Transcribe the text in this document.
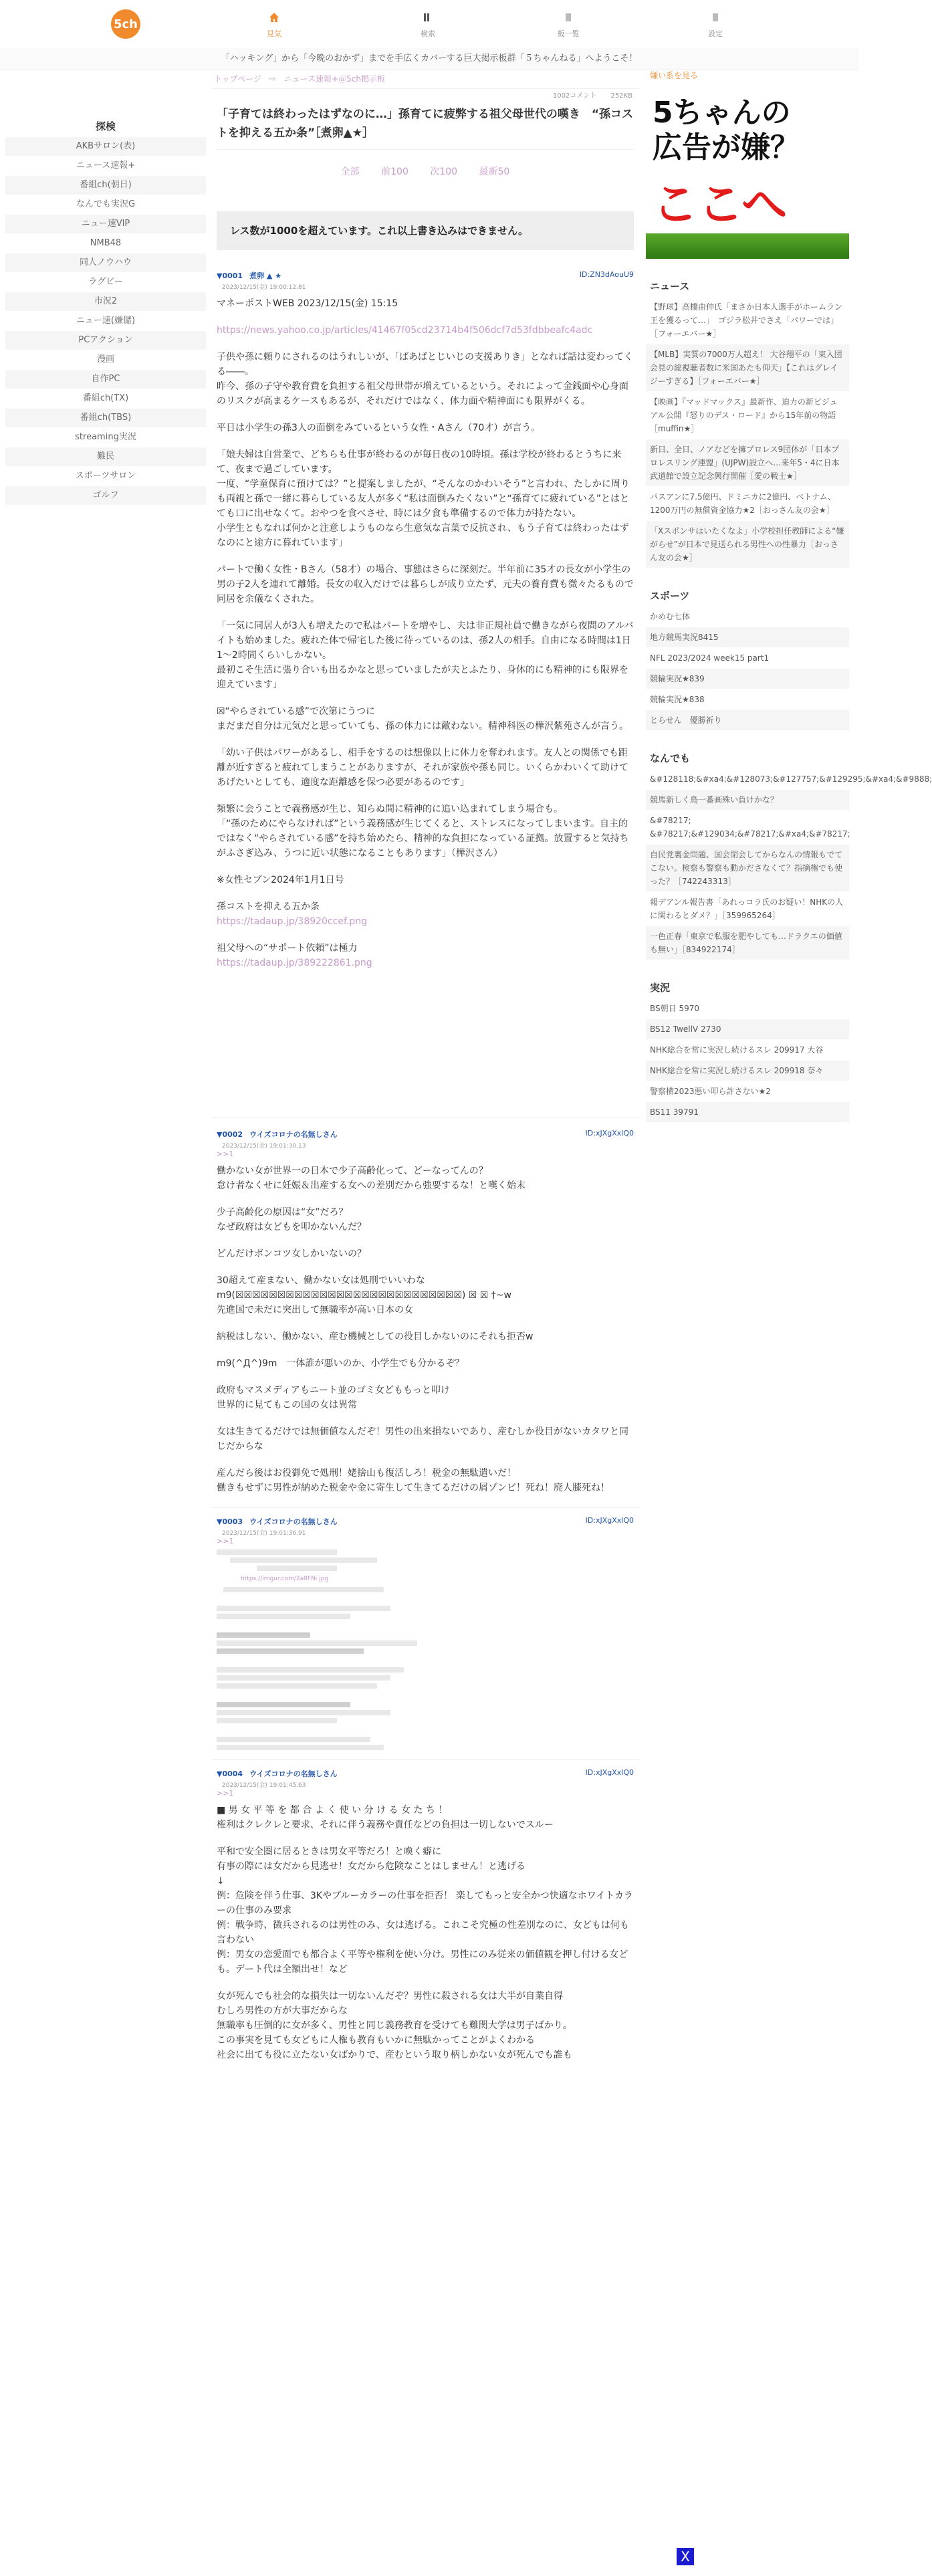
5ch
見気	検索	板一覧	設定
「ハッキング」から「今晩のおかず」までを手広くカバーする巨大掲示板群「５ちゃんねる」へようこそ！
探検
AKBサロン(表)
ニュース速報+
番組ch(朝日)
なんでも実況G
ニュー速VIP
NMB48
同人ノウハウ
ラグビー
市況2
ニュー速(嫌儲)
PCアクション
漫画
自作PC
番組ch(TX)
番組ch(TBS)
streaming実況
難民
スポーツサロン
ゴルフ
トップページ ⇨ ニュース速報+＠5ch掲示板
1002コメント 252KB
「子育ては終わったはずなのに…」孫育てに疲弊する祖父母世代の嘆き　“孫コストを抑える五か条”［煮卵▲★］
全部 前100 次100 最新50
レス数が1000を超えています。これ以上書き込みはできません。
▼0001 煮卵 ▲ ★	ID:ZN3dAouU9
2023/12/15(金) 19:00:12.81

マネーポストWEB 2023/12/15(金) 15:15

https://news.yahoo.co.jp/articles/41467f05cd23714b4f506dcf7d53fdbbeafc4adc

子供や孫に頼りにされるのはうれしいが、「ばあばとじいじの支援ありき」となれば話は変わってくる――。
昨今、孫の子守や教育費を負担する祖父母世帯が増えているという。それによって金銭面や心身面のリスクが高まるケースもあるが、それだけではなく、体力面や精神面にも限界がくる。

平日は小学生の孫3人の面倒をみているという女性・Aさん（70才）が言う。

「娘夫婦は自営業で、どちらも仕事が終わるのが毎日夜の10時頃。孫は学校が終わるとうちに来て、夜まで過ごしています。
一度、“学童保育に預けては？”と提案しましたが、“そんなのかわいそう”と言われ、たしかに周りも両親と孫で一緒に暮らしている友人が多く“私は面倒みたくない”と“孫育てに疲れている”とはとても口に出せなくて。おやつを食べさせ、時には夕食も準備するので体力が持たない。
小学生ともなれば何かと注意しようものなら生意気な言葉で反抗され、もう子育ては終わったはずなのにと途方に暮れています」

パートで働く女性・Bさん（58才）の場合、事態はさらに深刻だ。半年前に35才の長女が小学生の男の子2人を連れて離婚。長女の収入だけでは暮らしが成り立たず、元夫の養育費も微々たるもので同居を余儀なくされた。

「一気に同居人が3人も増えたので私はパートを増やし、夫は非正規社員で働きながら夜間のアルバイトも始めました。疲れた体で帰宅した後に待っているのは、孫2人の相手。自由になる時間は1日1～2時間くらいしかない。
最初こそ生活に張り合いも出るかなと思っていましたが夫とふたり、身体的にも精神的にも限界を迎えています」

☒“やらされている感”で次第にうつに
まだまだ自分は元気だと思っていても、孫の体力には敵わない。精神科医の樺沢紫苑さんが言う。

「幼い子供はパワーがあるし、相手をするのは想像以上に体力を奪われます。友人との関係でも距離が近すぎると疲れてしまうことがありますが、それが家族や孫も同じ。いくらかわいくて助けてあげたいとしても、適度な距離感を保つ必要があるのです」

頻繁に会うことで義務感が生じ、知らぬ間に精神的に追い込まれてしまう場合も。
「“孫のためにやらなければ”という義務感が生じてくると、ストレスになってしまいます。自主的ではなく“やらされている感”を持ち始めたら、精神的な負担になっている証拠。放置すると気持ちがふさぎ込み、うつに近い状態になることもあります」（樺沢さん）

※女性セブン2024年1月1日号

孫コストを抑える五か条
https://tadaup.jp/38920ccef.png

祖父母への“サポート依頼”は極力
https://tadaup.jp/389222861.png

▼0002 ウイズコロナの名無しさん	ID:xJXgXxlQ0
2023/12/15(金) 19:01:30.13
>>1

働かない女が世界一の日本で少子高齢化って、どーなってんの？
怠け者なくせに妊娠＆出産する女への差別だから強要するな！と嘆く始末

少子高齢化の原因は“女”だろ？
なぜ政府は女どもを叩かないんだ？

どんだけボンコツ女しかいないの？

30超えて産まない、働かない女は処刑でいいわな
m9(☒☒☒☒☒☒☒☒☒☒☒☒☒☒☒☒☒☒☒☒☒☒☒☒☒☒☒) ☒ ☒ †~w
先進国で未だに突出して無職率が高い日本の女

納税はしない、働かない、産む機械としての役目しかないのにそれも拒否w

m9(^Д^)9m　一体誰が悪いのか、小学生でも分かるぞ？

政府もマスメディアもニート並のゴミ女どももっと叩け
世界的に見てもこの国の女は異常

女は生きてるだけでは無価値なんだぞ！男性の出来損ないであり、産むしか役目がないカタワと同じだからな

産んだら後はお役御免で処刑！姥捨山も復活しろ！税金の無駄遣いだ！
働きもせずに男性が納めた税金や金に寄生して生きてるだけの屑ゾンビ！死ね！廃人膝死ね！

▼0003 ウイズコロナの名無しさん	ID:xJXgXxlQ0
2023/12/15(金) 19:01:36.91
>>1
https://imgur.com/2a8FNi.jpg
▼0004 ウイズコロナの名無しさん	ID:xJXgXxlQ0
2023/12/15(金) 19:01:45.63
>>1

■ 男 女 平 等 を 都 合 よ く 使 い 分 け る 女 た ち ！
権利はクレクレと要求、それに伴う義務や責任などの負担は一切しないでスルー

平和で安全圏に居るときは男女平等だろ！と喚く癖に
有事の際には女だから見逃せ！女だから危険なことはしません！と逃げる
↓
例：危険を伴う仕事、3Kやブルーカラーの仕事を拒否！ 楽してもっと安全かつ快適なホワイトカラーの仕事のみ要求
例：戦争時、徴兵されるのは男性のみ、女は逃げる。これこそ究極の性差別なのに、女どもは何も言わない
例：男女の恋愛面でも都合よく平等や権利を使い分け。男性にのみ従来の価値観を押し付ける女ども。デート代は全額出せ！など

女が死んでも社会的な損失は一切ないんだぞ？男性に殺される女は大半が自業自得
むしろ男性の方が大事だからな
無職率も圧倒的に女が多く、男性と同じ義務教育を受けても難関大学は男子ばかり。
この事実を見ても女どもに人権も教育もいかに無駄かってことがよくわかる
社会に出ても役に立たない女ばかりで、産むという取り柄しかない女が死んでも誰も

嫌い系を見る
5ちゃんの
広告が嫌？
ここへ
ニュース
【野球】高橋由伸氏「まさか日本人選手がホームラン王を獲るって…」　ゴジラ松井でさえ「パワーでは」［フォーエバー★］
【MLB】実質の7000万人超え！ 大谷翔平の「東入団会見の総視聴者数に米国あたも仰天」【これはグレイジーすぎる】［フォーエバー★］
【映画】『マッドマックス』最新作、迫力の新ビジュアル公開『怒りのデス・ロード』から15年前の物語［muffin★］
新日、全日、ノアなどを擁プロレス9団体が「日本プロレスリング連盟」(UJPW)設立へ…来年5・4に日本武道館で設立記念興行開催［愛の戦士★］
パスアンに7.5億円、ドミニカに2億円、ベトナム、1200万円の無償資金協力★2［おっさん友の会★］
「Xスポンサはいたくなよ」小学校担任教師による“嫌がらせ”が日本で見送られる男性への性暴力［おっさん友の会★］
スポーツ
かめむ七体
地方競馬実況8415
NFL 2023/2024 week15 part1
競輪実況★839
競輪実況★838
とらせん　優勝祈り
なんでも
&#128118;&#xa4;&#128073;&#127757;&#129295;&#xa4;&#9888;
競馬新しく鳥一番画殊い負けかな？
&#78217; &#78217;&#129034;&#78217;&#xa4;&#78217;
自民党裏金問題、国会閉会してからなんの情報もでてこない。検察も警察も動かださなくて？指摘権でも使った？［742243313］
報デアンル報告書「あれっコラ氏のお疑い！NHKの人に関わるとダメ？」［359965264］
一色正春「東京で私服を肥やしても…ドラクエの価値も無い」［834922174］
実況
BS朝日 5970
BS12 TwellV 2730
NHK総合を常に実況し続けるスレ 209917 大谷
NHK総合を常に実況し続けるスレ 209918 奈々
警察横2023悪い叩ら許さない★2
BS11 39791
X
